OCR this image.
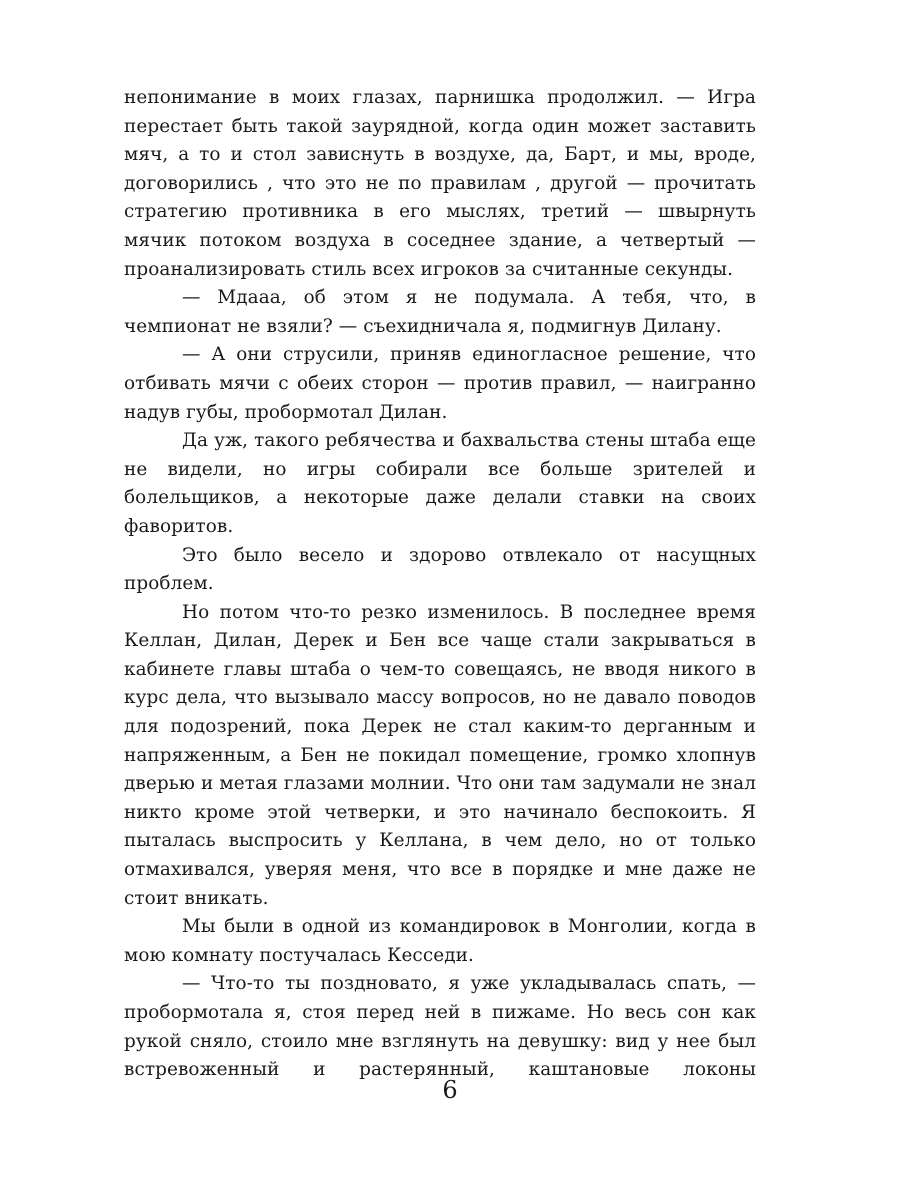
непонимание в моих глазах, парнишка продолжил. — Игра перестает быть такой заурядной, когда один может заставить мяч, а то и стол зависнуть в воздухе, да, Барт, и мы, вроде, договорились , что это не по правилам , другой — прочитать стратегию противника в его мыслях, третий — швырнуть мячик потоком воздуха в соседнее здание, а четвертый — проанализировать стиль всех игроков за считанные секунды.

— Мдааа, об этом я не подумала. А тебя, что, в чемпионат не взяли? — съехидничала я, подмигнув Дилану.

— А они струсили, приняв единогласное решение, что отбивать мячи с обеих сторон — против правил, — наигранно надув губы, пробормотал Дилан.

Да уж, такого ребячества и бахвальства стены штаба еще не видели, но игры собирали все больше зрителей и болельщиков, а некоторые даже делали ставки на своих фаворитов.

Это было весело и здорово отвлекало от насущных проблем.

Но потом что-то резко изменилось. В последнее время Келлан, Дилан, Дерек и Бен все чаще стали закрываться в кабинете главы штаба о чем-то совещаясь, не вводя никого в курс дела, что вызывало массу вопросов, но не давало поводов для подозрений, пока Дерек не стал каким-то дерганным и напряженным, а Бен не покидал помещение, громко хлопнув дверью и метая глазами молнии. Что они там задумали не знал никто кроме этой четверки, и это начинало беспокоить. Я пыталась выспросить у Келлана, в чем дело, но от только отмахивался, уверяя меня, что все в порядке и мне даже не стоит вникать.

Мы были в одной из командировок в Монголии, когда в мою комнату постучалась Кесседи.

— Что-то ты поздновато, я уже укладывалась спать, — пробормотала я, стоя перед ней в пижаме. Но весь сон как рукой сняло, стоило мне взглянуть на девушку: вид у нее был встревоженный и растерянный, каштановые локоны

6
